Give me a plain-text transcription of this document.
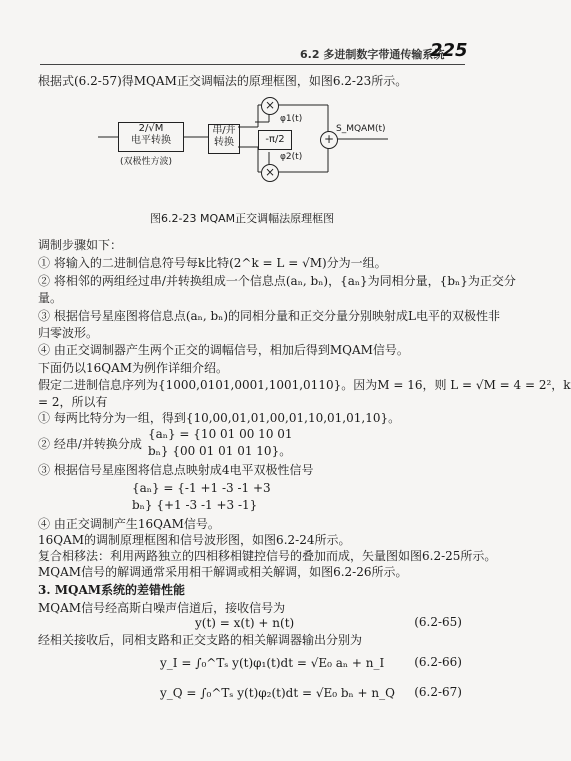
6.2 多进制数字带通传输系统
225
根据式(6.2-57)得MQAM正交调幅法的原理框图，如图6.2-23所示。
2/√M
电平转换
(双极性方波)
串/并
转换
×
×
-π/2
φ1(t)
φ2(t)
+
S_MQAM(t)
图6.2-23 MQAM正交调幅法原理框图
调制步骤如下：
① 将输入的二进制信息符号每k比特(2^k = L = √M)分为一组。
② 将相邻的两组经过串/并转换组成一个信息点(aₙ, bₙ)，{aₙ}为同相分量，{bₙ}为正交分
量。
③ 根据信号星座图将信息点(aₙ, bₙ)的同相分量和正交分量分别映射成L电平的双极性非
归零波形。
④ 由正交调制器产生两个正交的调幅信号，相加后得到MQAM信号。
下面仍以16QAM为例作详细介绍。
假定二进制信息序列为{1000,0101,0001,1001,0110}。因为M = 16，则 L = √M = 4 = 2²，k
= 2，所以有
① 每两比特分为一组，得到{10,00,01,01,00,01,10,01,01,10}。
② 经串/并转换分成
{aₙ} = {10 01 00 10 01
bₙ} {00 01 01 01 10}。
③ 根据信号星座图将信息点映射成4电平双极性信号
{aₙ} = {-1 +1 -3 -1 +3
bₙ} {+1 -3 -1 +3 -1}
④ 由正交调制产生16QAM信号。
16QAM的调制原理框图和信号波形图，如图6.2-24所示。
复合相移法：利用两路独立的四相移相键控信号的叠加而成，矢量图如图6.2-25所示。
MQAM信号的解调通常采用相干解调或相关解调，如图6.2-26所示。
3. MQAM系统的差错性能
MQAM信号经高斯白噪声信道后，接收信号为
y(t) = x(t) + n(t)	(6.2-65)
经相关接收后，同相支路和正交支路的相关解调器输出分别为
y_I = ∫₀^Tₛ y(t)φ₁(t)dt = √E₀ aₙ + n_I (6.2-66)
y_Q = ∫₀^Tₛ y(t)φ₂(t)dt = √E₀ bₙ + n_Q (6.2-67)
